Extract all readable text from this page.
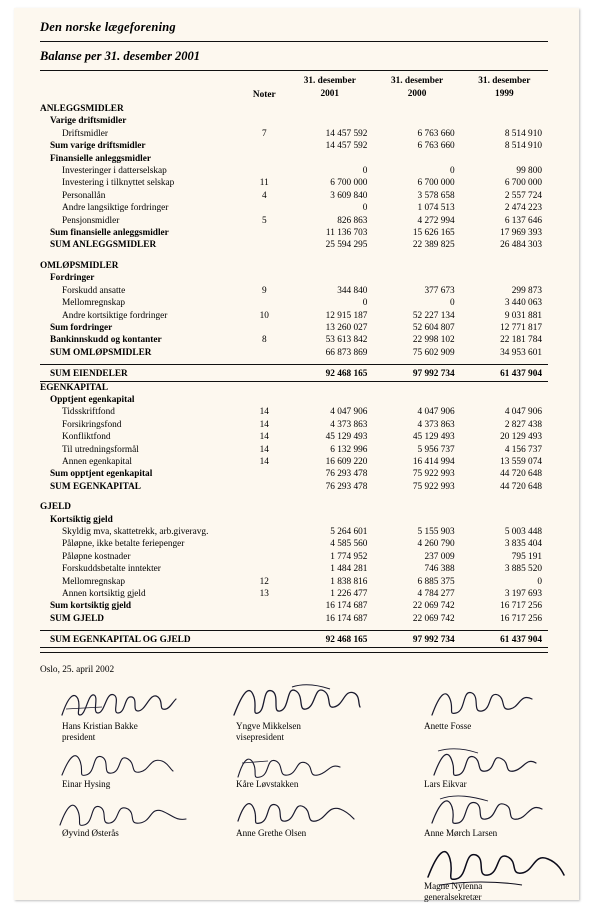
Den norske lægeforening
Balanse per 31. desember 2001
		31. desember	31. desember	31. desember
	Noter	2001	2000	1999
ANLEGGSMIDLER				
Varige driftsmidler				
Driftsmidler	7	14 457 592	6 763 660	8 514 910
Sum varige driftsmidler		14 457 592	6 763 660	8 514 910
Finansielle anleggsmidler				
Investeringer i datterselskap		0	0	99 800
Investering i tilknyttet selskap	11	6 700 000	6 700 000	6 700 000
Personallån	4	3 609 840	3 578 658	2 557 724
Andre langsiktige fordringer		0	1 074 513	2 474 223
Pensjonsmidler	5	826 863	4 272 994	6 137 646
Sum finansielle anleggsmidler		11 136 703	15 626 165	17 969 393
SUM ANLEGGSMIDLER		25 594 295	22 389 825	26 484 303

OMLØPSMIDLER				
Fordringer				
Forskudd ansatte	9	344 840	377 673	299 873
Mellomregnskap		0	0	3 440 063
Andre kortsiktige fordringer	10	12 915 187	52 227 134	9 031 881
Sum fordringer		13 260 027	52 604 807	12 771 817
Bankinnskudd og kontanter	8	53 613 842	22 998 102	22 181 784
SUM OMLØPSMIDLER		66 873 869	75 602 909	34 953 601

SUM EIENDELER		92 468 165	97 992 734	61 437 904

EGENKAPITAL				
Opptjent egenkapital				
Tidsskriftfond	14	4 047 906	4 047 906	4 047 906
Forsikringsfond	14	4 373 863	4 373 863	2 827 438
Konfliktfond	14	45 129 493	45 129 493	20 129 493
Til utredningsformål	14	6 132 996	5 956 737	4 156 737
Annen egenkapital	14	16 609 220	16 414 994	13 559 074
Sum opptjent egenkapital		76 293 478	75 922 993	44 720 648
SUM EGENKAPITAL		76 293 478	75 922 993	44 720 648

GJELD				
Kortsiktig gjeld				
Skyldig mva, skattetrekk, arb.giveravg.		5 264 601	5 155 903	5 003 448
Påløpne, ikke betalte feriepenger		4 585 560	4 260 790	3 835 404
Påløpne kostnader		1 774 952	237 009	795 191
Forskuddsbetalte inntekter		1 484 281	746 388	3 885 520
Mellomregnskap	12	1 838 816	6 885 375	0
Annen kortsiktig gjeld	13	1 226 477	4 784 277	3 197 693
Sum kortsiktig gjeld		16 174 687	22 069 742	16 717 256
SUM GJELD		16 174 687	22 069 742	16 717 256

SUM EGENKAPITAL OG GJELD		92 468 165	97 992 734	61 437 904

Oslo, 25. april 2002
Hans Kristian Bakke
president
Yngve Mikkelsen
visepresident
Anette Fosse
Einar Hysing	Kåre Løvstakken	Lars Eikvar
Øyvind Østerås	Anne Grethe Olsen	Anne Mørch Larsen
Magne Nylenna
generalsekretær
